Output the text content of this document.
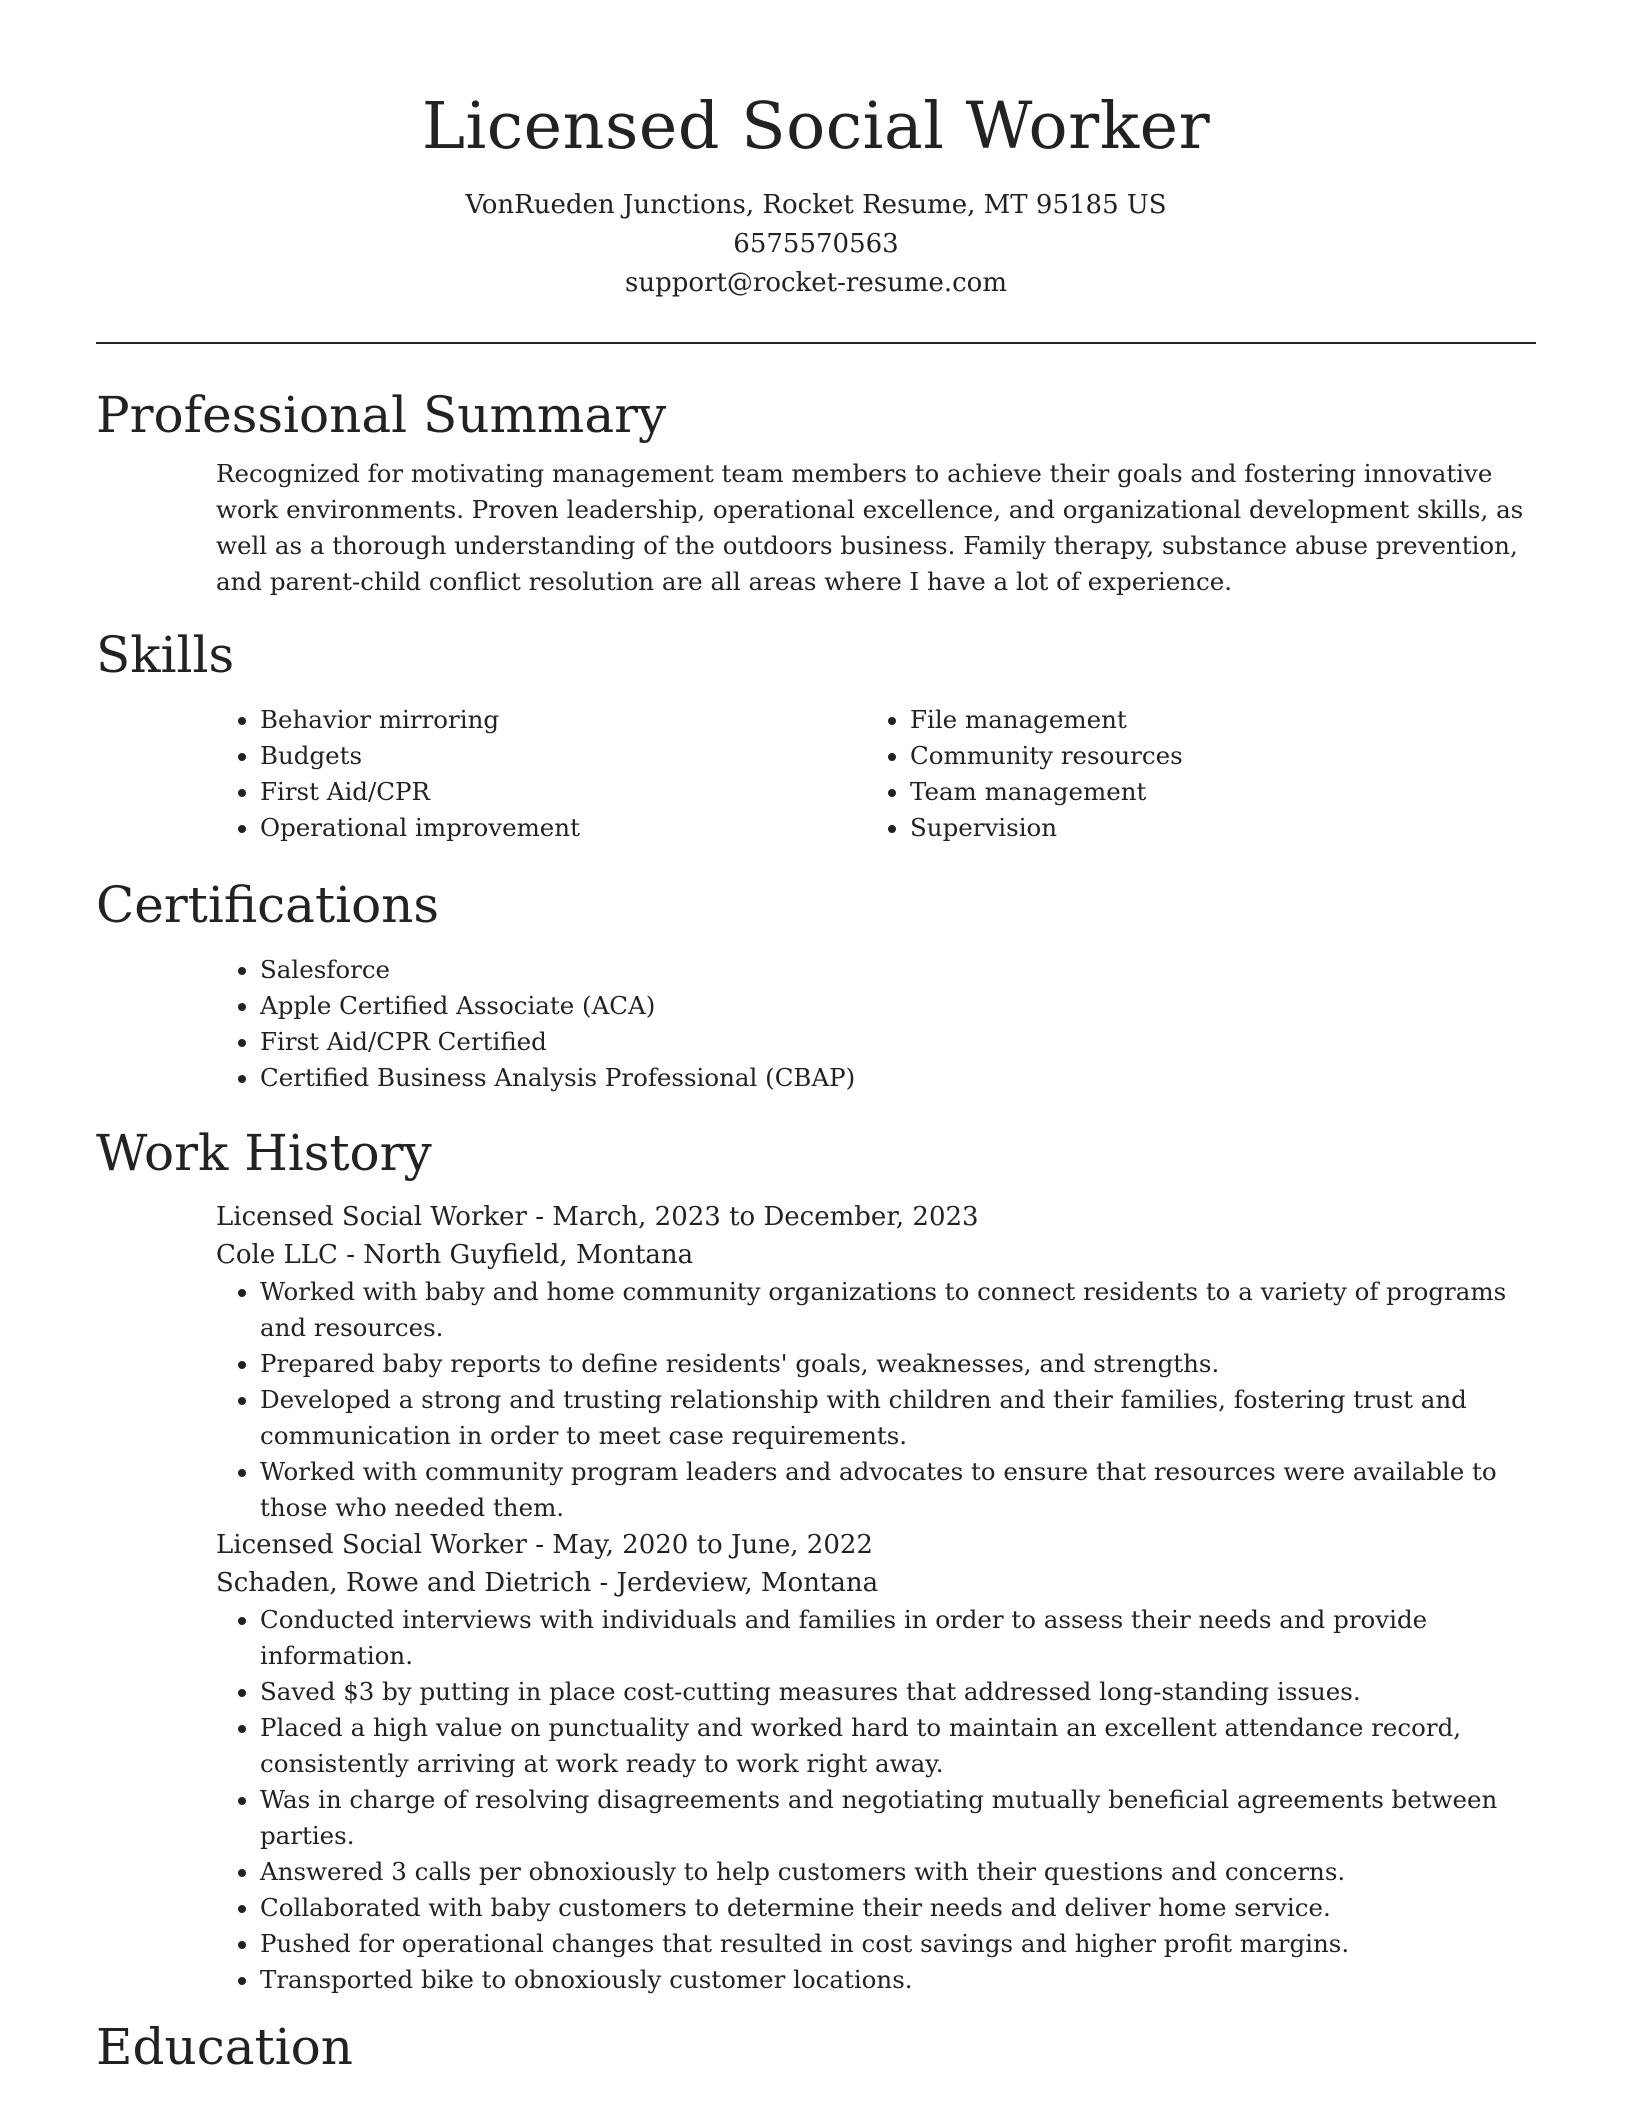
Licensed Social Worker
VonRueden Junctions, Rocket Resume, MT 95185 US
6575570563
support@rocket-resume.com
Professional Summary
Recognized for motivating management team members to achieve their goals and fostering innovative work environments. Proven leadership, operational excellence, and organizational development skills, as well as a thorough understanding of the outdoors business. Family therapy, substance abuse prevention, and parent-child conflict resolution are all areas where I have a lot of experience.
Skills
• Behavior mirroring
• Budgets
• First Aid/CPR
• Operational improvement
• File management
• Community resources
• Team management
• Supervision
Certifications
• Salesforce
• Apple Certified Associate (ACA)
• First Aid/CPR Certified
• Certified Business Analysis Professional (CBAP)
Work History
Licensed Social Worker - March, 2023 to December, 2023
Cole LLC - North Guyfield, Montana
• Worked with baby and home community organizations to connect residents to a variety of programs and resources.
• Prepared baby reports to define residents' goals, weaknesses, and strengths.
• Developed a strong and trusting relationship with children and their families, fostering trust and communication in order to meet case requirements.
• Worked with community program leaders and advocates to ensure that resources were available to those who needed them.
Licensed Social Worker - May, 2020 to June, 2022
Schaden, Rowe and Dietrich - Jerdeview, Montana
• Conducted interviews with individuals and families in order to assess their needs and provide information.
• Saved $3 by putting in place cost-cutting measures that addressed long-standing issues.
• Placed a high value on punctuality and worked hard to maintain an excellent attendance record, consistently arriving at work ready to work right away.
• Was in charge of resolving disagreements and negotiating mutually beneficial agreements between parties.
• Answered 3 calls per obnoxiously to help customers with their questions and concerns.
• Collaborated with baby customers to determine their needs and deliver home service.
• Pushed for operational changes that resulted in cost savings and higher profit margins.
• Transported bike to obnoxiously customer locations.
Education
